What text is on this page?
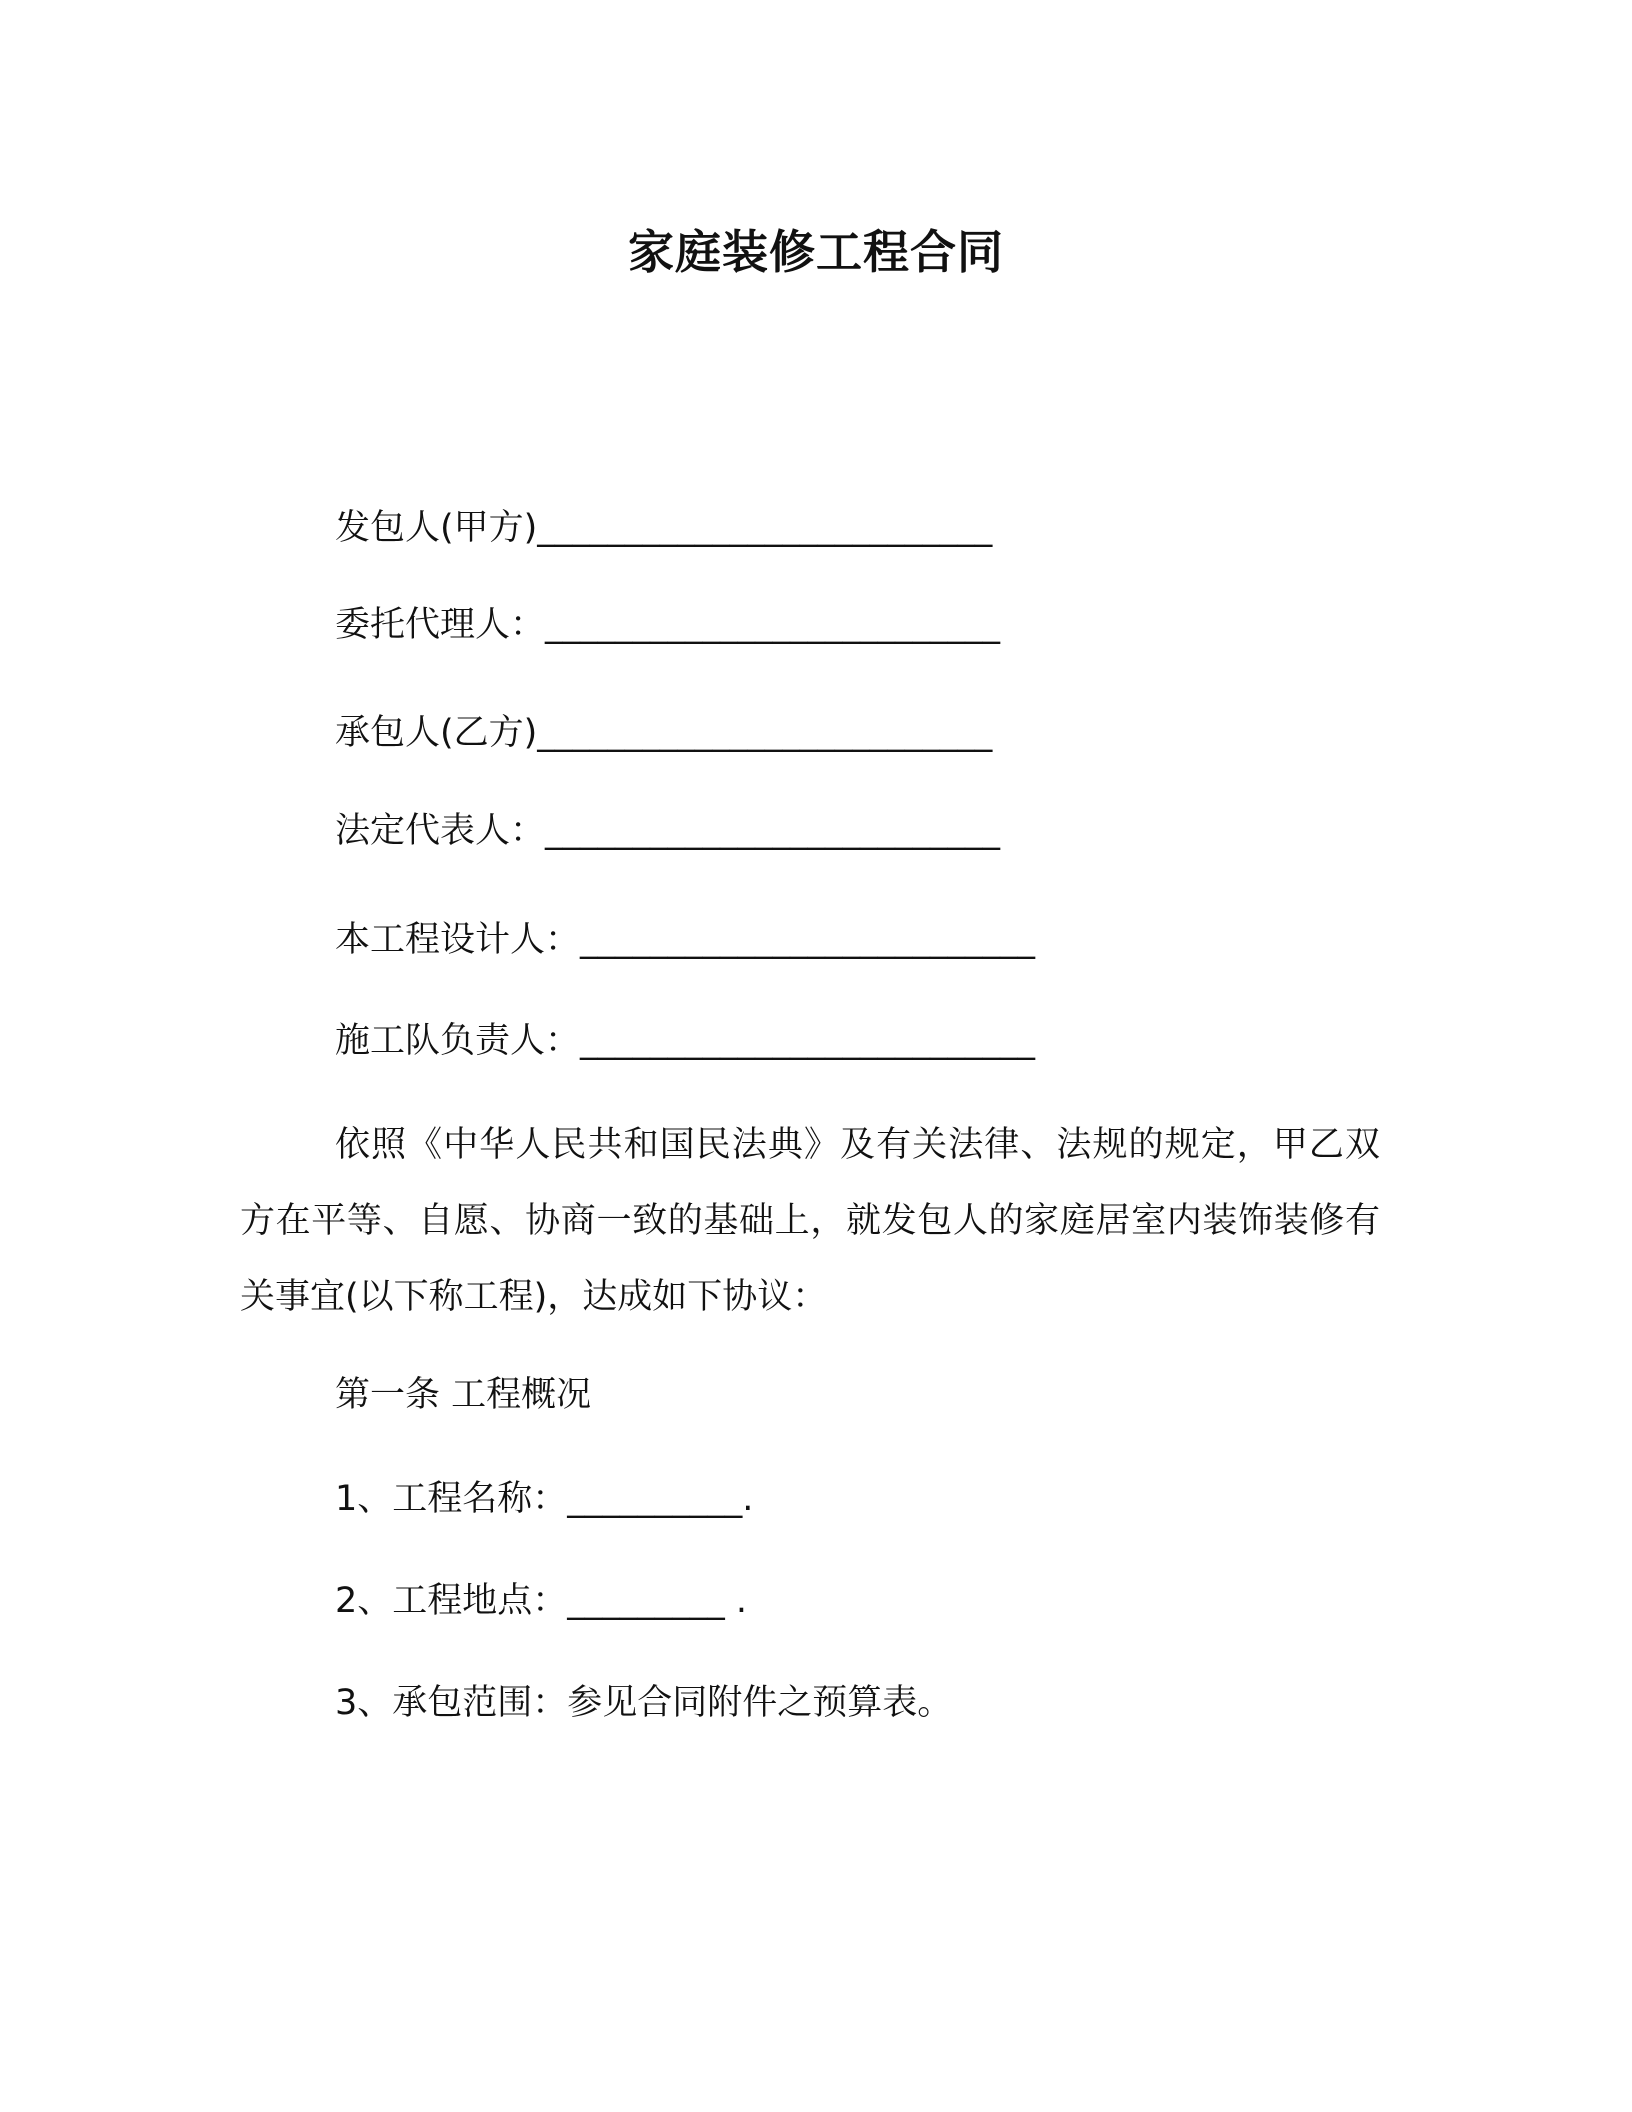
家庭装修工程合同
发包人(甲方)__________________________
委托代理人：__________________________
承包人(乙方)__________________________
法定代表人：__________________________
本工程设计人：__________________________
施工队负责人：__________________________
依照《中华人民共和国民法典》及有关法律、法规的规定，甲乙双方在平等、自愿、协商一致的基础上，就发包人的家庭居室内装饰装修有关事宜(以下称工程)，达成如下协议：
第一条 工程概况
1、工程名称：__________.
2、工程地点：_________ .
3、承包范围：参见合同附件之预算表。
